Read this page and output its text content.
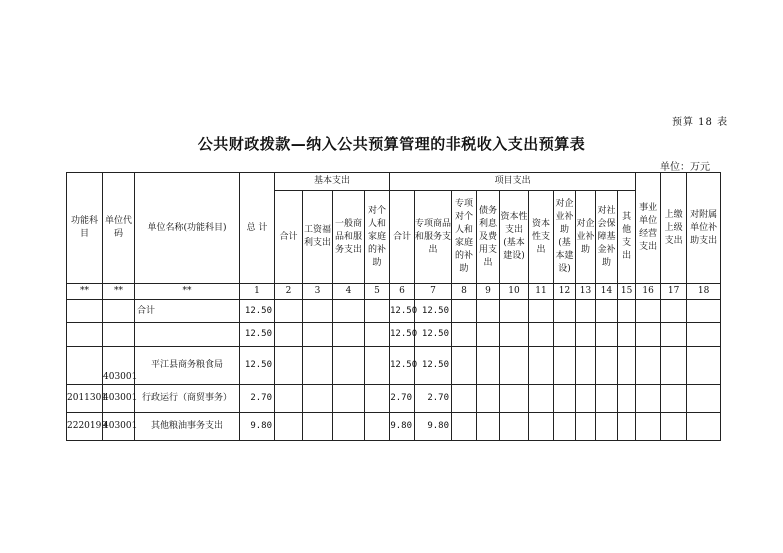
预算 18 表
公共财政拨款—纳入公共预算管理的非税收入支出预算表
单位：万元
功能科目	单位代码	单位名称(功能科目)	总 计	基本支出				项目支出										事业单位经营支出	上缴上级支出	对附属单位补助支出
				合计	工资福利支出	一般商品和服务支出	对个人和家庭的补助	合计	专项商品和服务支出	专项对个人和家庭的补助	债务利息及费用支出	资本性支出(基本建设)	资本性支出	对企业补助(基本建设)	对企业补助	对社会保障基金补助	其他支出			
**	**	**	1	2	3	4	5	6	7	8	9	10	11	12	13	14	15	16	17	18
		合计	12.50					12.50	12.50											
			12.50					12.50	12.50											
	403001	平江县商务粮食局	12.50					12.50	12.50											
2011301	403001	行政运行（商贸事务）	2.70					2.70	2.70											
2220199	403001	其他粮油事务支出	9.80					9.80	9.80											
